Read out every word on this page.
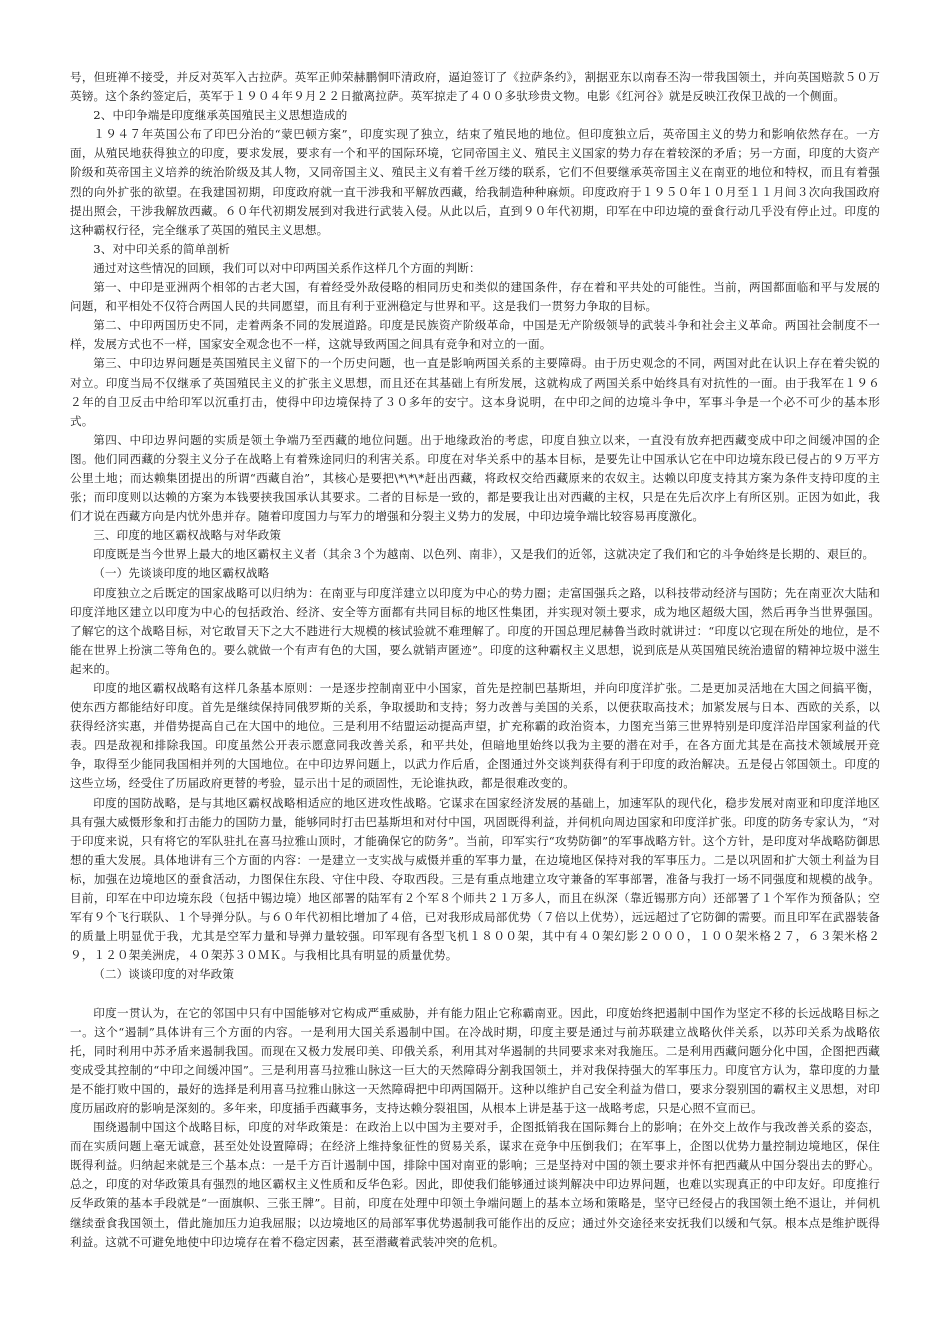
号，但班禅不接受，并反对英军入古拉萨。英军正帅荣赫鹏恫吓清政府，逼迫签订了《拉萨条约》，割据亚东以南春丕沟一带我国领土，并向英国赔款５０万英镑。这个条约签定后，英军于１９０４年９月２２日撤离拉萨。英军掠走了４００多驮珍贵文物。电影《红河谷》就是反映江孜保卫战的一个侧面。

2、中印争端是印度继承英国殖民主义思想造成的

１９４７年英国公布了印巴分治的“蒙巴顿方案”，印度实现了独立，结束了殖民地的地位。但印度独立后，英帝国主义的势力和影响依然存在。一方面，从殖民地获得独立的印度，要求发展，要求有一个和平的国际环境，它同帝国主义、殖民主义国家的势力存在着较深的矛盾；另一方面，印度的大资产阶级和英帝国主义培养的统治阶级及其人物，又同帝国主义、殖民主义有着千丝万缕的联系，它们不但要继承英帝国主义在南亚的地位和特权，而且有着强烈的向外扩张的欲望。在我建国初期，印度政府就一直干涉我和平解放西藏，给我制造种种麻烦。印度政府于１９５０年１０月至１１月间３次向我国政府提出照会，干涉我解放西藏。６０年代初期发展到对我进行武装入侵。从此以后，直到９０年代初期，印军在中印边境的蚕食行动几乎没有停止过。印度的这种霸权行径，完全继承了英国的殖民主义思想。

3、对中印关系的简单剖析

通过对这些情况的回顾，我们可以对中印两国关系作这样几个方面的判断：

第一、中印是亚洲两个相邻的古老大国，有着经受外敌侵略的相同历史和类似的建国条件，存在着和平共处的可能性。当前，两国都面临和平与发展的问题，和平相处不仅符合两国人民的共同愿望，而且有利于亚洲稳定与世界和平。这是我们一贯努力争取的目标。

第二、中印两国历史不同，走着两条不同的发展道路。印度是民族资产阶级革命，中国是无产阶级领导的武装斗争和社会主义革命。两国社会制度不一样，发展方式也不一样，国家安全观念也不一样，这就导致两国之间具有竞争和对立的一面。

第三、中印边界问题是英国殖民主义留下的一个历史问题，也一直是影响两国关系的主要障碍。由于历史观念的不同，两国对此在认识上存在着尖锐的对立。印度当局不仅继承了英国殖民主义的扩张主义思想，而且还在其基础上有所发展，这就构成了两国关系中始终具有对抗性的一面。由于我军在１９６２年的自卫反击中给印军以沉重打击，使得中印边境保持了３０多年的安宁。这本身说明，在中印之间的边境斗争中，军事斗争是一个必不可少的基本形式。

第四、中印边界问题的实质是领土争端乃至西藏的地位问题。出于地缘政治的考虑，印度自独立以来，一直没有放弃把西藏变成中印之间缓冲国的企图。他们同西藏的分裂主义分子在战略上有着殊途同归的利害关系。印度在对华关系中的基本目标，是要先让中国承认它在中印边境东段已侵占的９万平方公里土地；而达赖集团提出的所谓“西藏自治”，其核心是要把\*\*\*赶出西藏，将政权交给西藏原来的农奴主。达赖以印度支持其方案为条件支持印度的主张；而印度则以达赖的方案为本钱要挟我国承认其要求。二者的目标是一致的，都是要我让出对西藏的主权，只是在先后次序上有所区别。正因为如此，我们才说在西藏方向是内忧外患并存。随着印度国力与军力的增强和分裂主义势力的发展，中印边境争端比较容易再度激化。

三、印度的地区霸权战略与对华政策

印度既是当今世界上最大的地区霸权主义者（其余３个为越南、以色列、南非），又是我们的近邻，这就决定了我们和它的斗争始终是长期的、艰巨的。

（一）先谈谈印度的地区霸权战略

印度独立之后既定的国家战略可以归纳为：在南亚与印度洋建立以印度为中心的势力圈；走富国强兵之路，以科技带动经济与国防；先在南亚次大陆和印度洋地区建立以印度为中心的包括政治、经济、安全等方面都有共同目标的地区性集团，并实现对领土要求，成为地区超级大国，然后再争当世界强国。了解它的这个战略目标，对它敢冒天下之大不韪进行大规模的核试验就不难理解了。印度的开国总理尼赫鲁当政时就讲过：“印度以它现在所处的地位，是不能在世界上扮演二等角色的。要么就做一个有声有色的大国，要么就销声匿迹”。印度的这种霸权主义思想，说到底是从英国殖民统治遗留的精神垃圾中滋生起来的。

印度的地区霸权战略有这样几条基本原则：一是逐步控制南亚中小国家，首先是控制巴基斯坦，并向印度洋扩张。二是更加灵活地在大国之间搞平衡，使东西方都能结好印度。首先是继续保持同俄罗斯的关系，争取援助和支持；努力改善与美国的关系，以便获取高技术；加紧发展与日本、西欧的关系，以获得经济实惠，并借势提高自己在大国中的地位。三是利用不结盟运动提高声望，扩充称霸的政治资本，力图充当第三世界特别是印度洋沿岸国家利益的代表。四是敌视和排除我国。印度虽然公开表示愿意同我改善关系，和平共处，但暗地里始终以我为主要的潜在对手，在各方面尤其是在高技术领域展开竞争，取得至少能同我国相并列的大国地位。在中印边界问题上，以武力作后盾，企图通过外交谈判获得有利于印度的政治解决。五是侵占邻国领土。印度的这些立场，经受住了历届政府更替的考验，显示出十足的顽固性，无论谁执政，都是很难改变的。

印度的国防战略，是与其地区霸权战略相适应的地区进攻性战略。它谋求在国家经济发展的基础上，加速军队的现代化，稳步发展对南亚和印度洋地区具有强大威慑形象和打击能力的国防力量，能够同时打击巴基斯坦和对付中国，巩固既得利益，并伺机向周边国家和印度洋扩张。印度的防务专家认为，“对于印度来说，只有将它的军队驻扎在喜马拉雅山顶时，才能确保它的防务”。当前，印军实行“攻势防御”的军事战略方针。这个方针，是印度对华战略防御思想的重大发展。具体地讲有三个方面的内容：一是建立一支实战与威慑并重的军事力量，在边境地区保持对我的军事压力。二是以巩固和扩大领土利益为目标，加强在边境地区的蚕食活动，力图保住东段、守住中段、夺取西段。三是有重点地建立攻守兼备的军事部署，准备与我打一场不同强度和规模的战争。目前，印军在中印边境东段（包括中锡边境）地区部署的陆军有２个军８个师共２１万多人，而且在纵深（靠近锡那方向）还部署了１个军作为预备队；空军有９个飞行联队、１个导弹分队。与６０年代初相比增加了４倍，已对我形成局部优势（７倍以上优势），远远超过了它防御的需要。而且印军在武器装备的质量上明显优于我，尤其是空军力量和导弹力量较强。印军现有各型飞机１８００架，其中有４０架幻影２０００，１００架米格２７，６３架米格２９，１２０架美洲虎，４０架苏３０ＭＫ。与我相比具有明显的质量优势。

（二）谈谈印度的对华政策

印度一贯认为，在它的邻国中只有中国能够对它构成严重威胁，并有能力阻止它称霸南亚。因此，印度始终把遏制中国作为坚定不移的长远战略目标之一。这个“遏制”具体讲有三个方面的内容。一是利用大国关系遏制中国。在冷战时期，印度主要是通过与前苏联建立战略伙伴关系，以苏印关系为战略依托，同时利用中苏矛盾来遏制我国。而现在又极力发展印美、印俄关系，利用其对华遏制的共同要求来对我施压。二是利用西藏问题分化中国，企图把西藏变成受其控制的“中印之间缓冲国”。三是利用喜马拉雅山脉这一巨大的天然障碍分割我国领土，并对我保持强大的军事压力。印度官方认为，靠印度的力量是不能打败中国的，最好的选择是利用喜马拉雅山脉这一天然障碍把中印两国隔开。这种以维护自己安全利益为借口，要求分裂别国的霸权主义思想，对印度历届政府的影响是深刻的。多年来，印度插手西藏事务，支持达赖分裂祖国，从根本上讲是基于这一战略考虑，只是心照不宣而已。

围绕遏制中国这个战略目标，印度的对华政策是：在政治上以中国为主要对手，企图抵销我在国际舞台上的影响；在外交上故作与我改善关系的姿态，而在实质问题上毫无诚意，甚至处处设置障碍；在经济上维持象征性的贸易关系，谋求在竞争中压倒我们；在军事上，企图以优势力量控制边境地区，保住既得利益。归纳起来就是三个基本点：一是千方百计遏制中国，排除中国对南亚的影响；三是坚持对中国的领土要求并怀有把西藏从中国分裂出去的野心。总之，印度的对华政策具有强烈的地区霸权主义性质和反华色彩。因此，即使我们能够通过谈判解决中印边界问题，也难以实现真正的中印友好。印度推行反华政策的基本手段就是“一面旗帜、三张王牌”。目前，印度在处理中印领土争端问题上的基本立场和策略是，坚守已经侵占的我国领土绝不退让，并伺机继续蚕食我国领土，借此施加压力迫我屈服；以边境地区的局部军事优势遏制我可能作出的反应；通过外交途径来安抚我们以缓和气氛。根本点是维护既得利益。这就不可避免地使中印边境存在着不稳定因素，甚至潜藏着武装冲突的危机。
